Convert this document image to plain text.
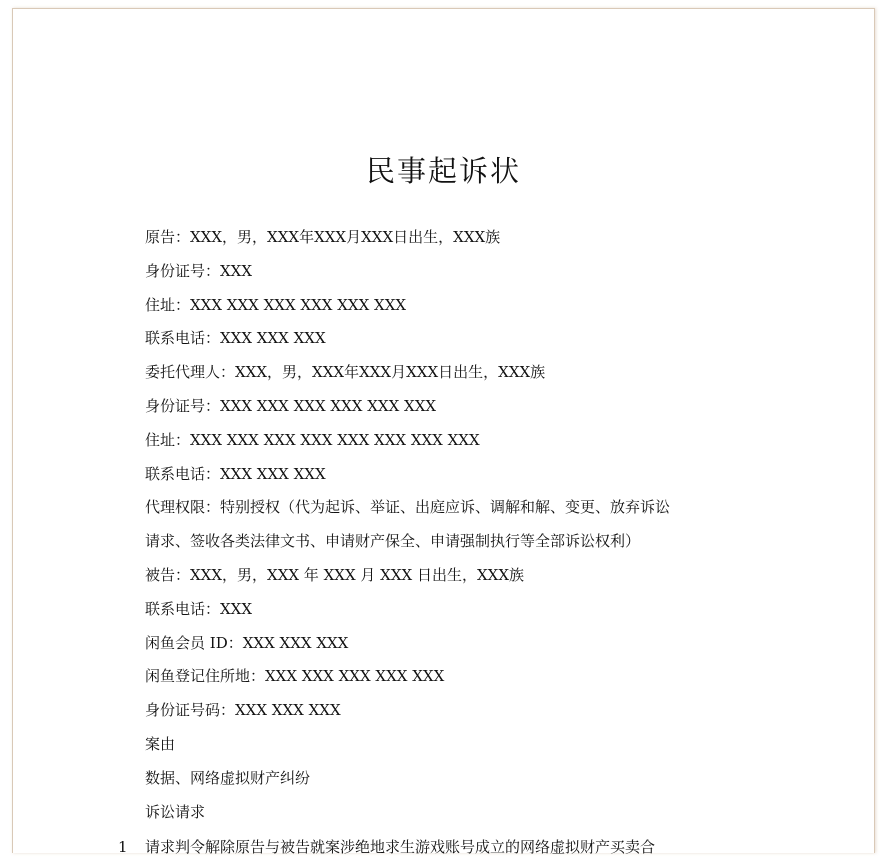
民事起诉状
原告：XXX，男，XXX年XXX月XXX日出生，XXX族
身份证号：XXX
住址：XXX XXX XXX XXX XXX XXX
联系电话：XXX XXX XXX
委托代理人：XXX，男，XXX年XXX月XXX日出生，XXX族
身份证号：XXX XXX XXX XXX XXX XXX
住址：XXX XXX XXX XXX XXX XXX XXX XXX
联系电话：XXX XXX XXX
代理权限：特别授权（代为起诉、举证、出庭应诉、调解和解、变更、放弃诉讼
请求、签收各类法律文书、申请财产保全、申请强制执行等全部诉讼权利）
被告：XXX，男，XXX 年 XXX 月 XXX 日出生，XXX族
联系电话：XXX
闲鱼会员 ID：XXX XXX XXX
闲鱼登记住所地：XXX XXX XXX XXX XXX
身份证号码：XXX XXX XXX
案由
数据、网络虚拟财产纠纷
诉讼请求
1 请求判令解除原告与被告就案涉绝地求生游戏账号成立的网络虚拟财产买卖合
